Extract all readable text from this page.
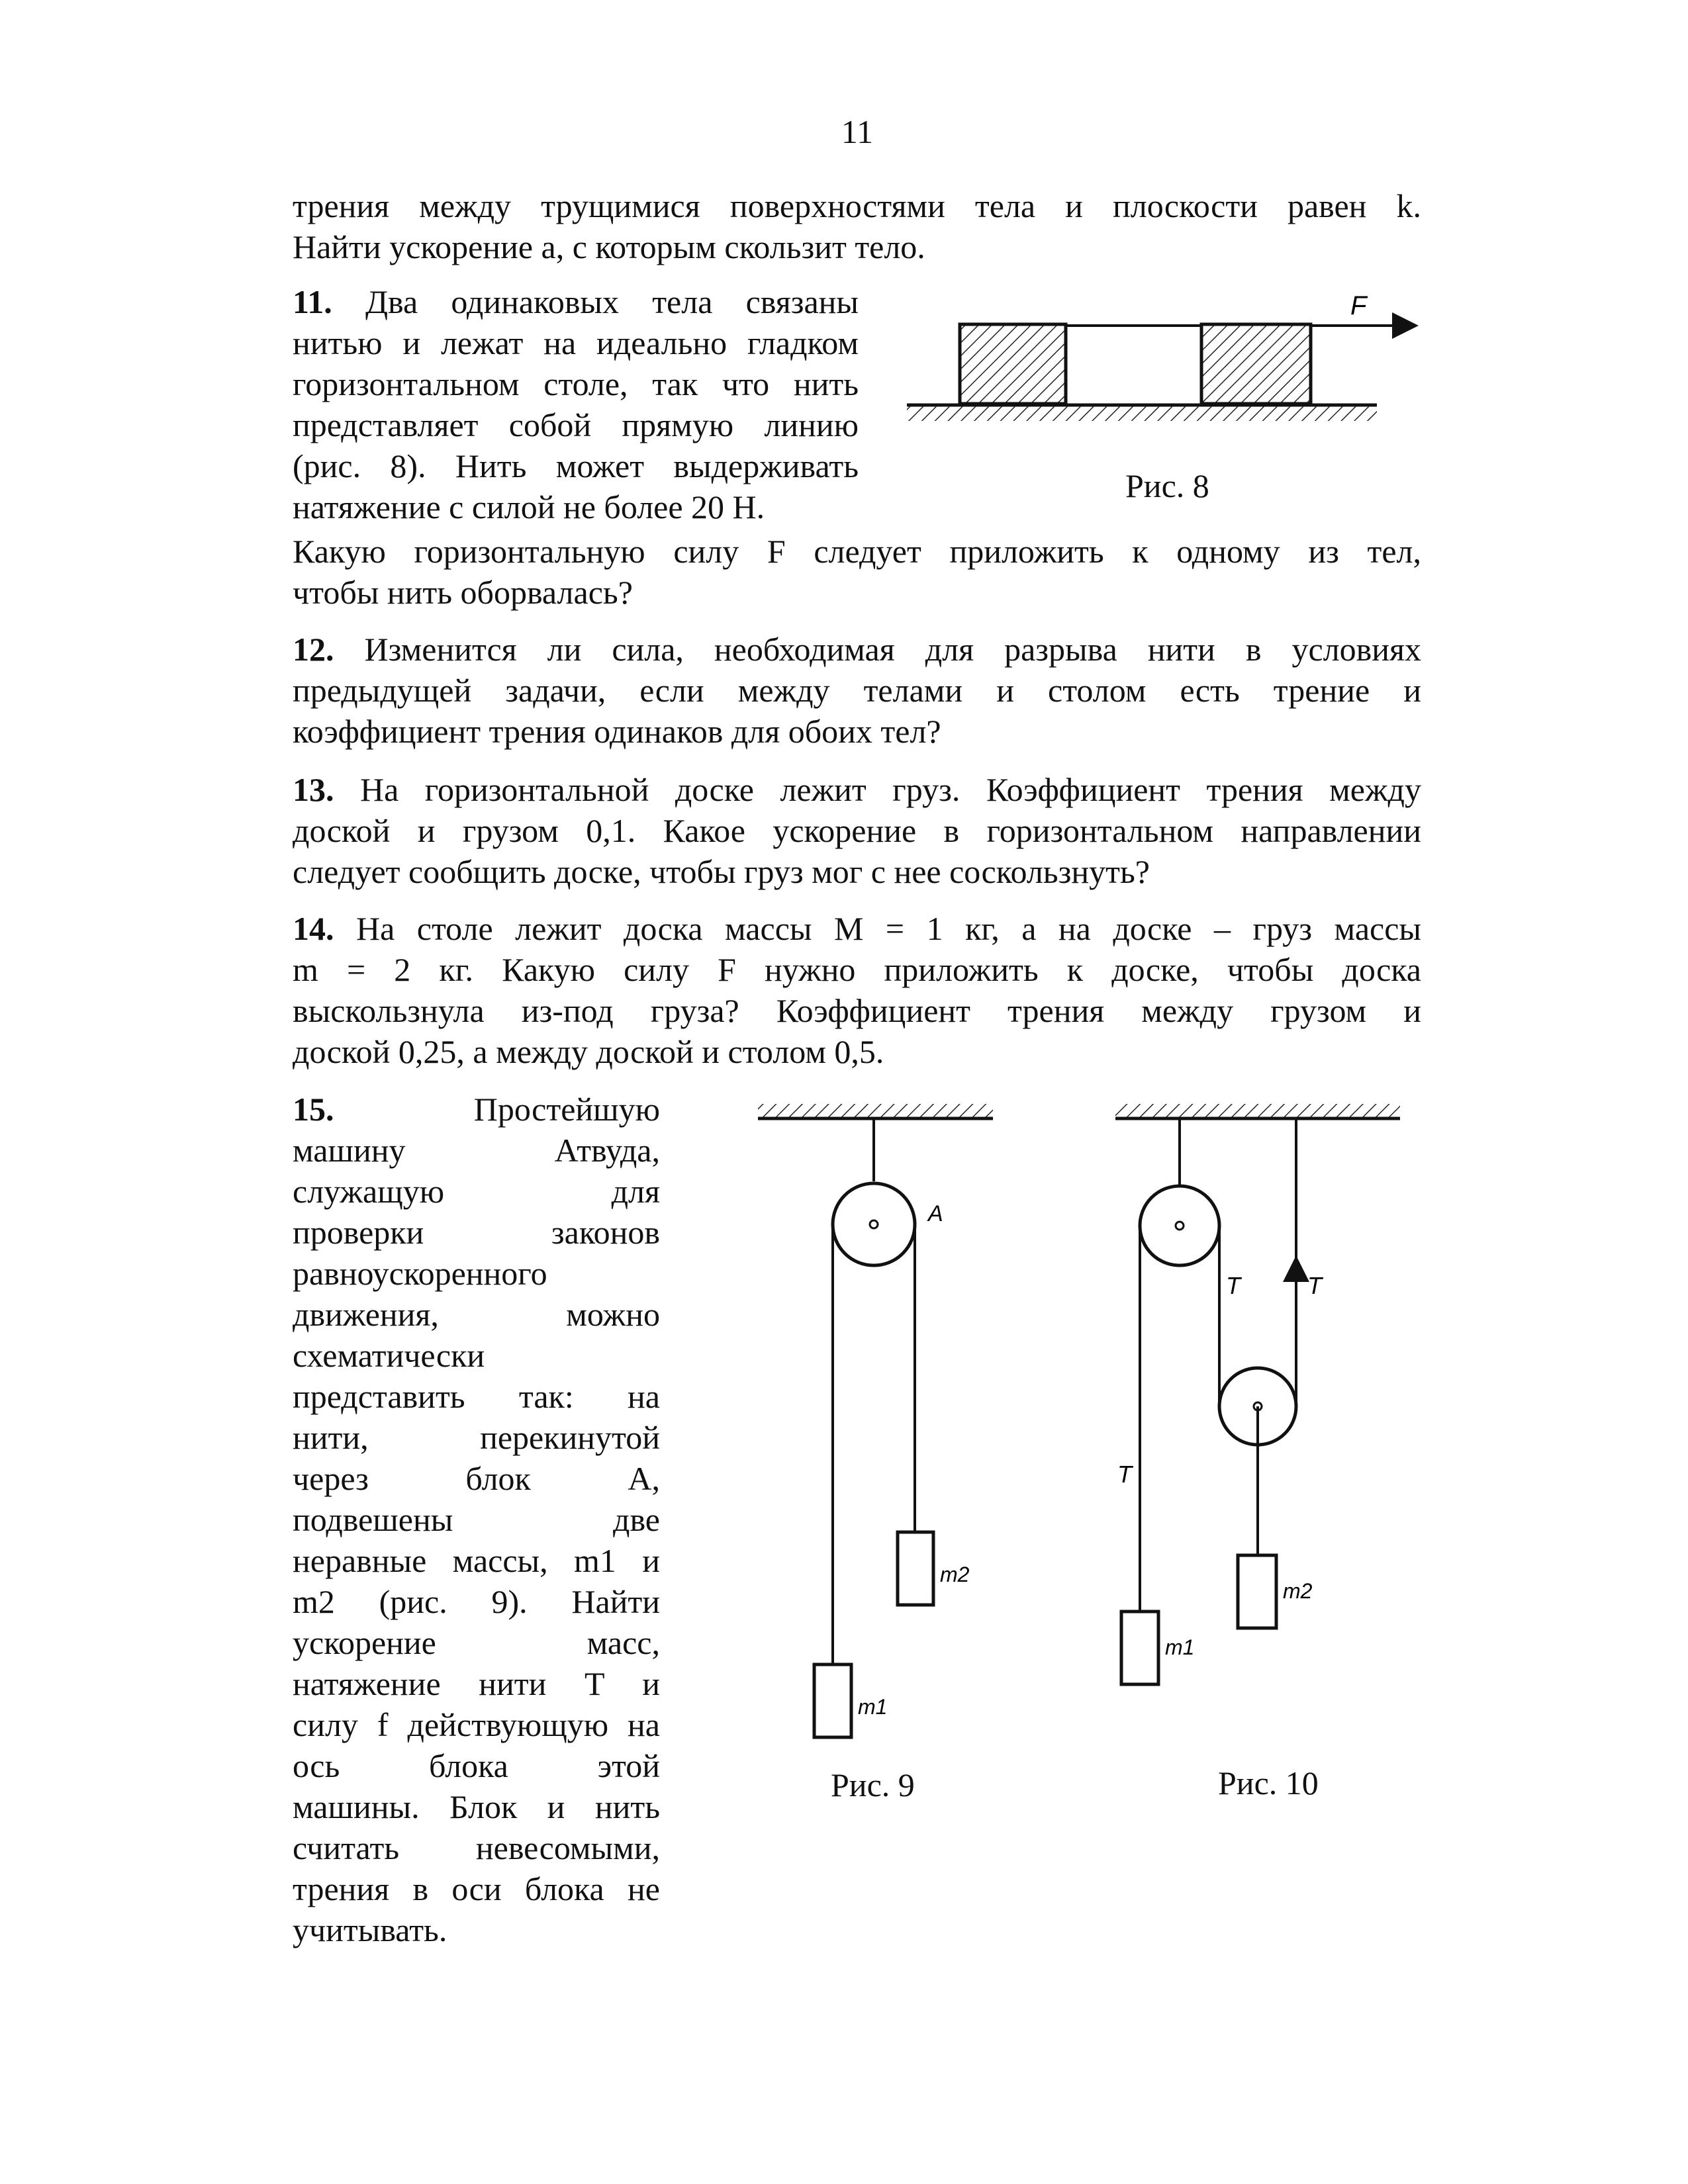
11
трения между трущимися поверхностями тела и плоскости равен k.
Найти ускорение a, с которым скользит тело.
11. Два одинаковых тела связаны
нитью и лежат на идеально гладком
горизонтальном столе, так что нить
представляет собой прямую линию
(рис. 8). Нить может выдерживать
натяжение с силой не более 20 Н.
Какую горизонтальную силу F следует приложить к одному из тел,
чтобы нить оборвалась?
F
Рис. 8
12. Изменится ли сила, необходимая для разрыва нити в условиях
предыдущей задачи, если между телами и столом есть трение и
коэффициент трения одинаков для обоих тел?
13. На горизонтальной доске лежит груз. Коэффициент трения между
доской и грузом 0,1. Какое ускорение в горизонтальном направлении
следует сообщить доске, чтобы груз мог с нее соскользнуть?
14. На столе лежит доска массы M = 1 кг, а на доске – груз массы
m = 2 кг. Какую силу F нужно приложить к доске, чтобы доска
выскользнула из-под груза? Коэффициент трения между грузом и
доской 0,25, а между доской и столом 0,5.
15.	Простейшую
машину Атвуда,
служащую для
проверки законов
равноускоренного
движения, можно
схематически
представить так: на
нити, перекинутой
через блок A,
подвешены две
неравные массы, m1 и
m2 (рис. 9). Найти
ускорение масс,
натяжение нити T и
силу f действующую на
ось блока этой
машины. Блок и нить
считать невесомыми,
трения в оси блока не
учитывать.
A
m2
m1
Рис. 9
T	T
T
m2
m1
Рис. 10
